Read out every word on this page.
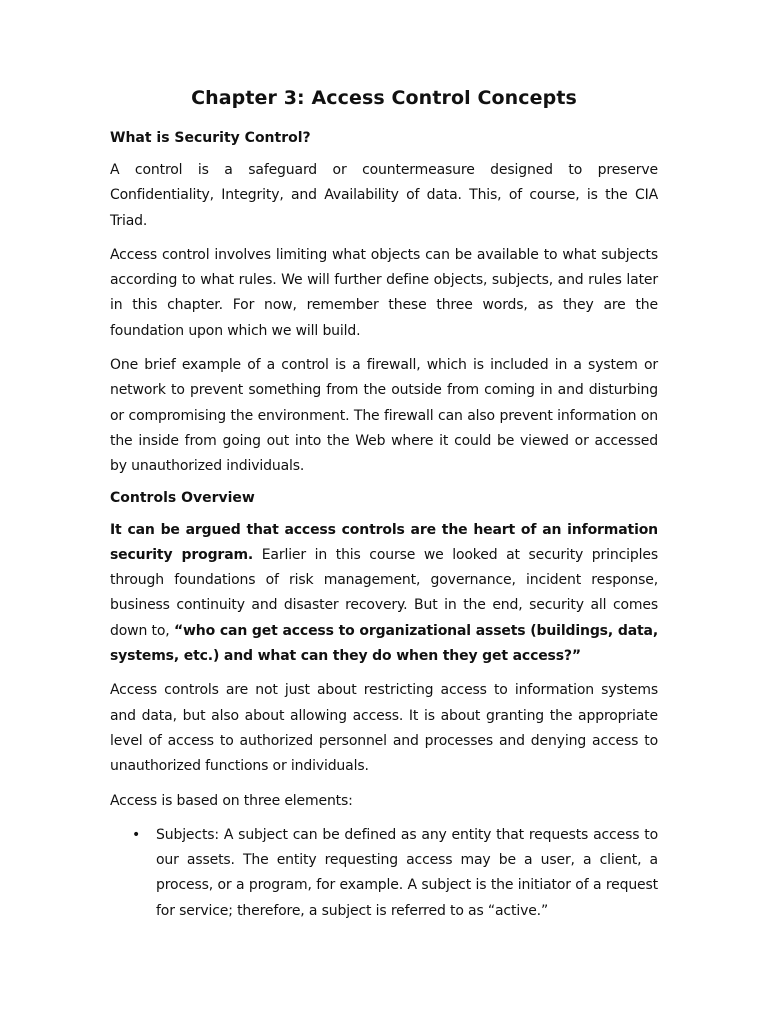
Chapter 3: Access Control Concepts
What is Security Control?

A control is a safeguard or countermeasure designed to preserve Confidentiality, Integrity, and Availability of data. This, of course, is the CIA Triad.

Access control involves limiting what objects can be available to what subjects according to what rules. We will further define objects, subjects, and rules later in this chapter. For now, remember these three words, as they are the foundation upon which we will build.

One brief example of a control is a firewall, which is included in a system or network to prevent something from the outside from coming in and disturbing or compromising the environment. The firewall can also prevent information on the inside from going out into the Web where it could be viewed or accessed by unauthorized individuals.

Controls Overview

It can be argued that access controls are the heart of an information security program. Earlier in this course we looked at security principles through foundations of risk management, governance, incident response, business continuity and disaster recovery. But in the end, security all comes down to, “who can get access to organizational assets (buildings, data, systems, etc.) and what can they do when they get access?”

Access controls are not just about restricting access to information systems and data, but also about allowing access. It is about granting the appropriate level of access to authorized personnel and processes and denying access to unauthorized functions or individuals.

Access is based on three elements:

• Subjects: A subject can be defined as any entity that requests access to our assets. The entity requesting access may be a user, a client, a process, or a program, for example. A subject is the initiator of a request for service; therefore, a subject is referred to as “active.”
